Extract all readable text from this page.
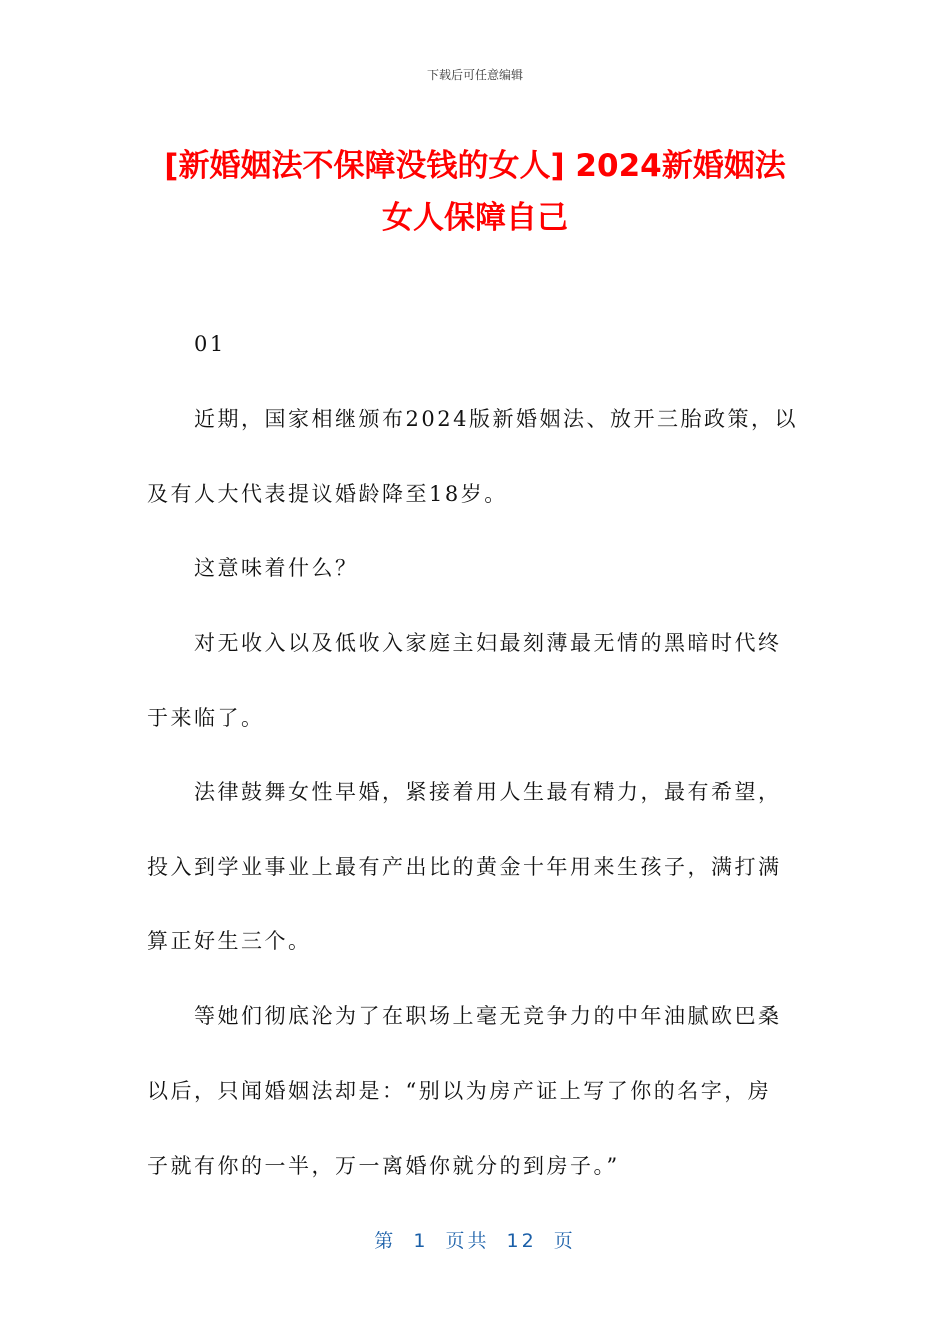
下载后可任意编辑
[新婚姻法不保障没钱的女人] 2024新婚姻法
女人保障自己

01

近期，国家相继颁布2024版新婚姻法、放开三胎政策，以

及有人大代表提议婚龄降至18岁。

这意味着什么？

对无收入以及低收入家庭主妇最刻薄最无情的黑暗时代终

于来临了。

法律鼓舞女性早婚，紧接着用人生最有精力，最有希望，

投入到学业事业上最有产出比的黄金十年用来生孩子，满打满

算正好生三个。

等她们彻底沦为了在职场上毫无竞争力的中年油腻欧巴桑

以后，只闻婚姻法却是：“别以为房产证上写了你的名字，房

子就有你的一半，万一离婚你就分的到房子。”

第 1 页共 12 页
